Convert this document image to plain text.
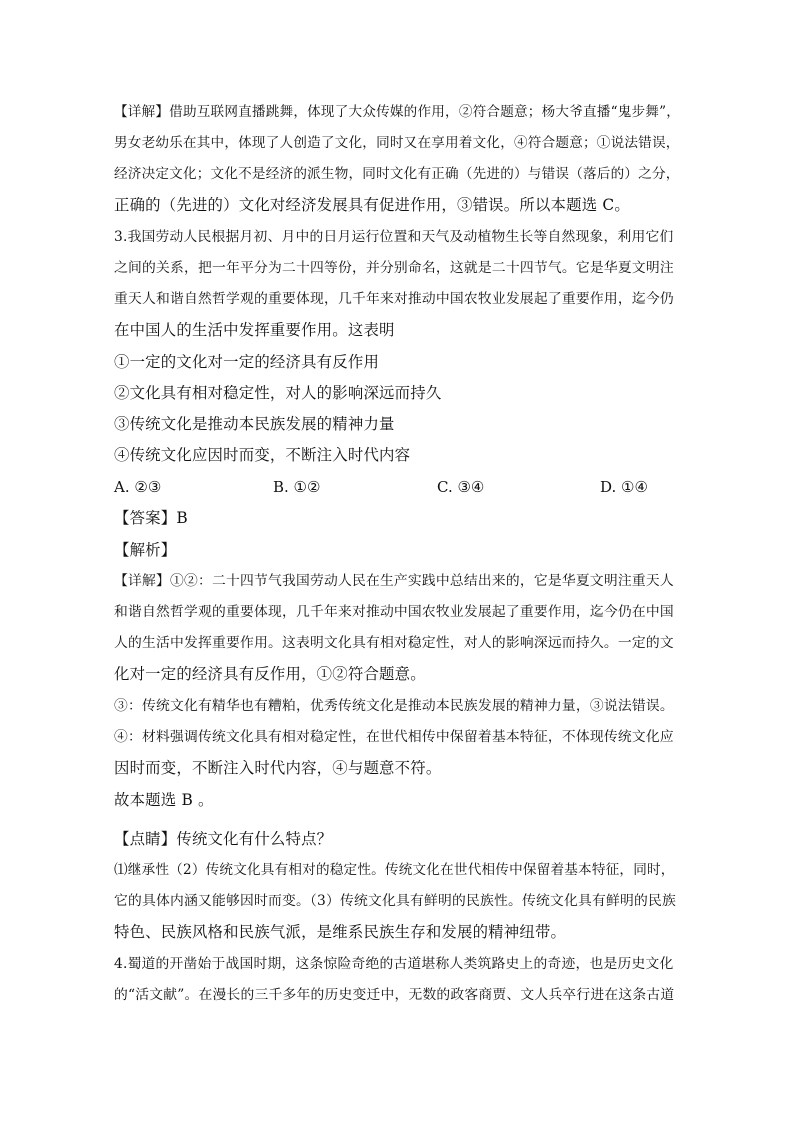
【详解】借助互联网直播跳舞，体现了大众传媒的作用，②符合题意；杨大爷直播“鬼步舞”，
男女老幼乐在其中，体现了人创造了文化，同时又在享用着文化，④符合题意；①说法错误，
经济决定文化；文化不是经济的派生物，同时文化有正确（先进的）与错误（落后的）之分，
正确的（先进的）文化对经济发展具有促进作用，③错误。所以本题选 C。
3.我国劳动人民根据月初、月中的日月运行位置和天气及动植物生长等自然现象，利用它们
之间的关系，把一年平分为二十四等份，并分别命名，这就是二十四节气。它是华夏文明注
重天人和谐自然哲学观的重要体现，几千年来对推动中国农牧业发展起了重要作用，迄今仍
在中国人的生活中发挥重要作用。这表明
①一定的文化对一定的经济具有反作用
②文化具有相对稳定性，对人的影响深远而持久
③传统文化是推动本民族发展的精神力量
④传统文化应因时而变，不断注入时代内容
A. ②③	B. ①②	C. ③④	D. ①④
【答案】B
【解析】
【详解】①②：二十四节气我国劳动人民在生产实践中总结出来的，它是华夏文明注重天人
和谐自然哲学观的重要体现，几千年来对推动中国农牧业发展起了重要作用，迄今仍在中国
人的生活中发挥重要作用。这表明文化具有相对稳定性，对人的影响深远而持久。一定的文
化对一定的经济具有反作用，①②符合题意。
③：传统文化有精华也有糟粕，优秀传统文化是推动本民族发展的精神力量，③说法错误。
④：材料强调传统文化具有相对稳定性，在世代相传中保留着基本特征，不体现传统文化应
因时而变，不断注入时代内容，④与题意不符。
故本题选 B 。
【点睛】传统文化有什么特点？
⑴继承性（2）传统文化具有相对的稳定性。传统文化在世代相传中保留着基本特征，同时，
它的具体内涵又能够因时而变。（3）传统文化具有鲜明的民族性。传统文化具有鲜明的民族
特色、民族风格和民族气派，是维系民族生存和发展的精神纽带。
4.蜀道的开凿始于战国时期，这条惊险奇绝的古道堪称人类筑路史上的奇迹，也是历史文化
的“活文献”。在漫长的三千多年的历史变迁中，无数的政客商贾、文人兵卒行进在这条古道
